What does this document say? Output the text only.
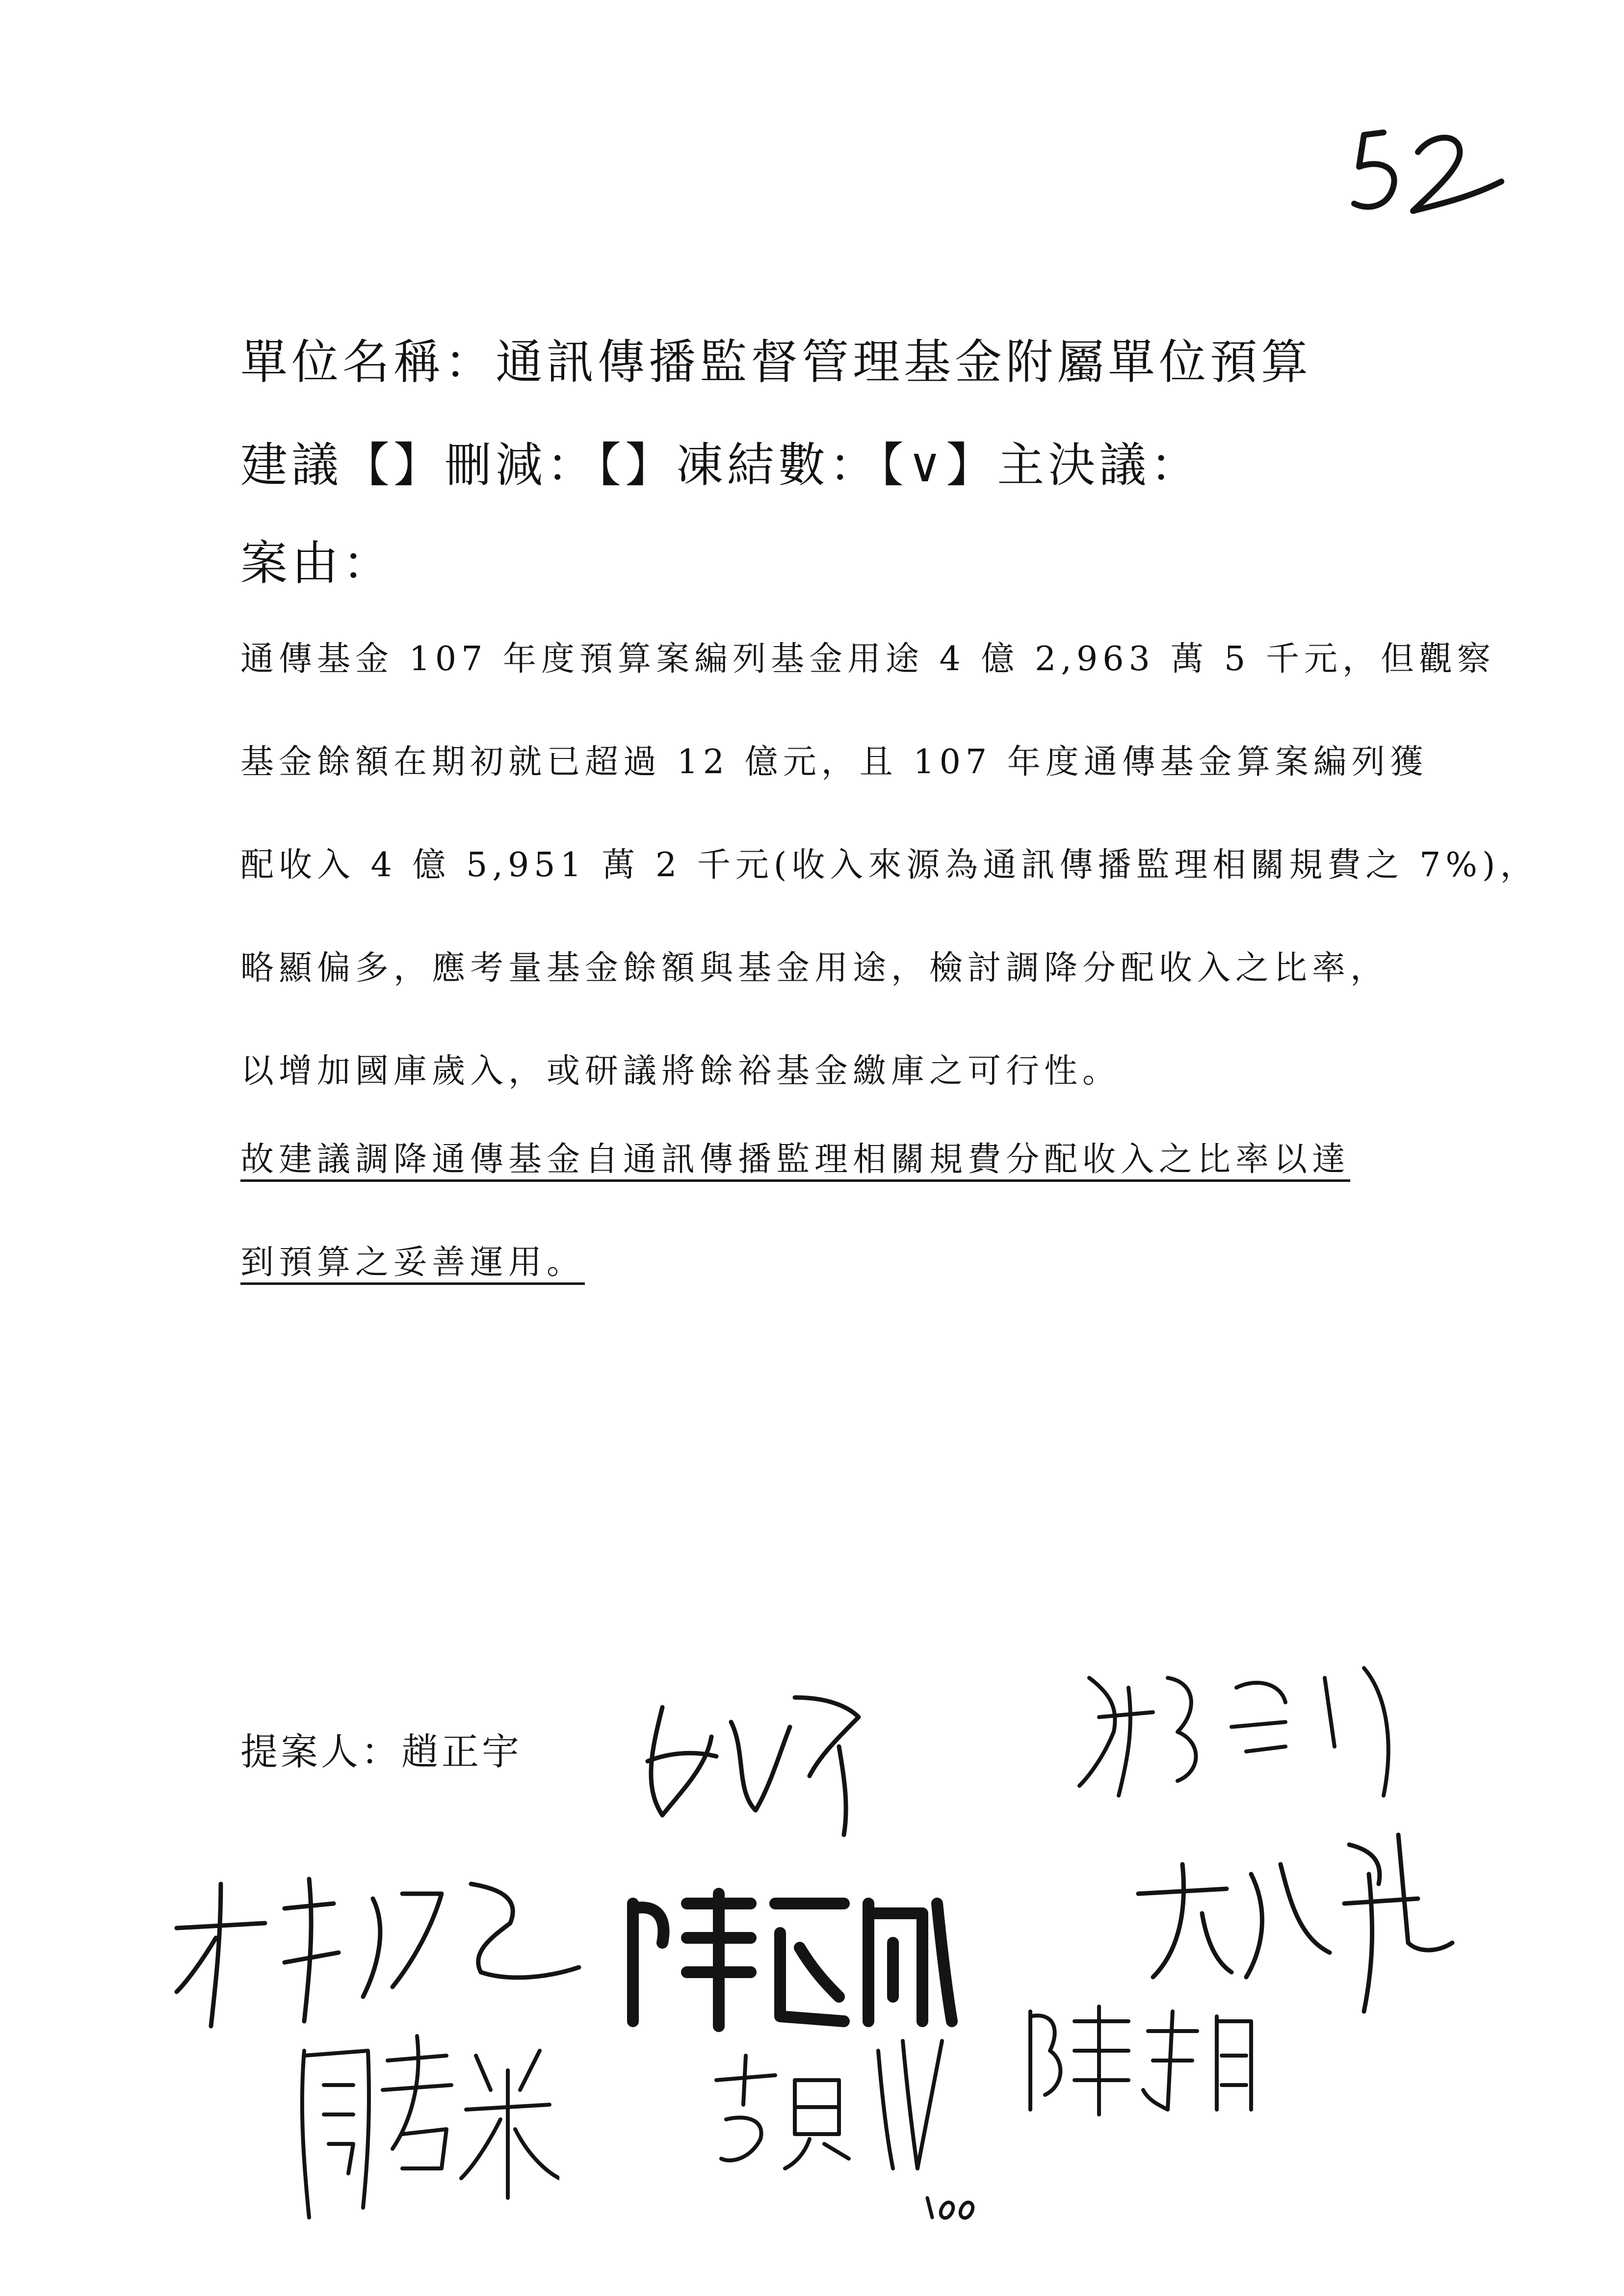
單位名稱：通訊傳播監督管理基金附屬單位預算
建議【】刪減：【】凍結數：【∨】主決議：
案由：
通傳基金 107 年度預算案編列基金用途 4 億 2,963 萬 5 千元，但觀察
基金餘額在期初就已超過 12 億元，且 107 年度通傳基金算案編列獲
配收入 4 億 5,951 萬 2 千元(收入來源為通訊傳播監理相關規費之 7%)，
略顯偏多，應考量基金餘額與基金用途，檢討調降分配收入之比率，
以增加國庫歲入，或研議將餘裕基金繳庫之可行性。
故建議調降通傳基金自通訊傳播監理相關規費分配收入之比率以達
到預算之妥善運用。
提案人：趙正宇
